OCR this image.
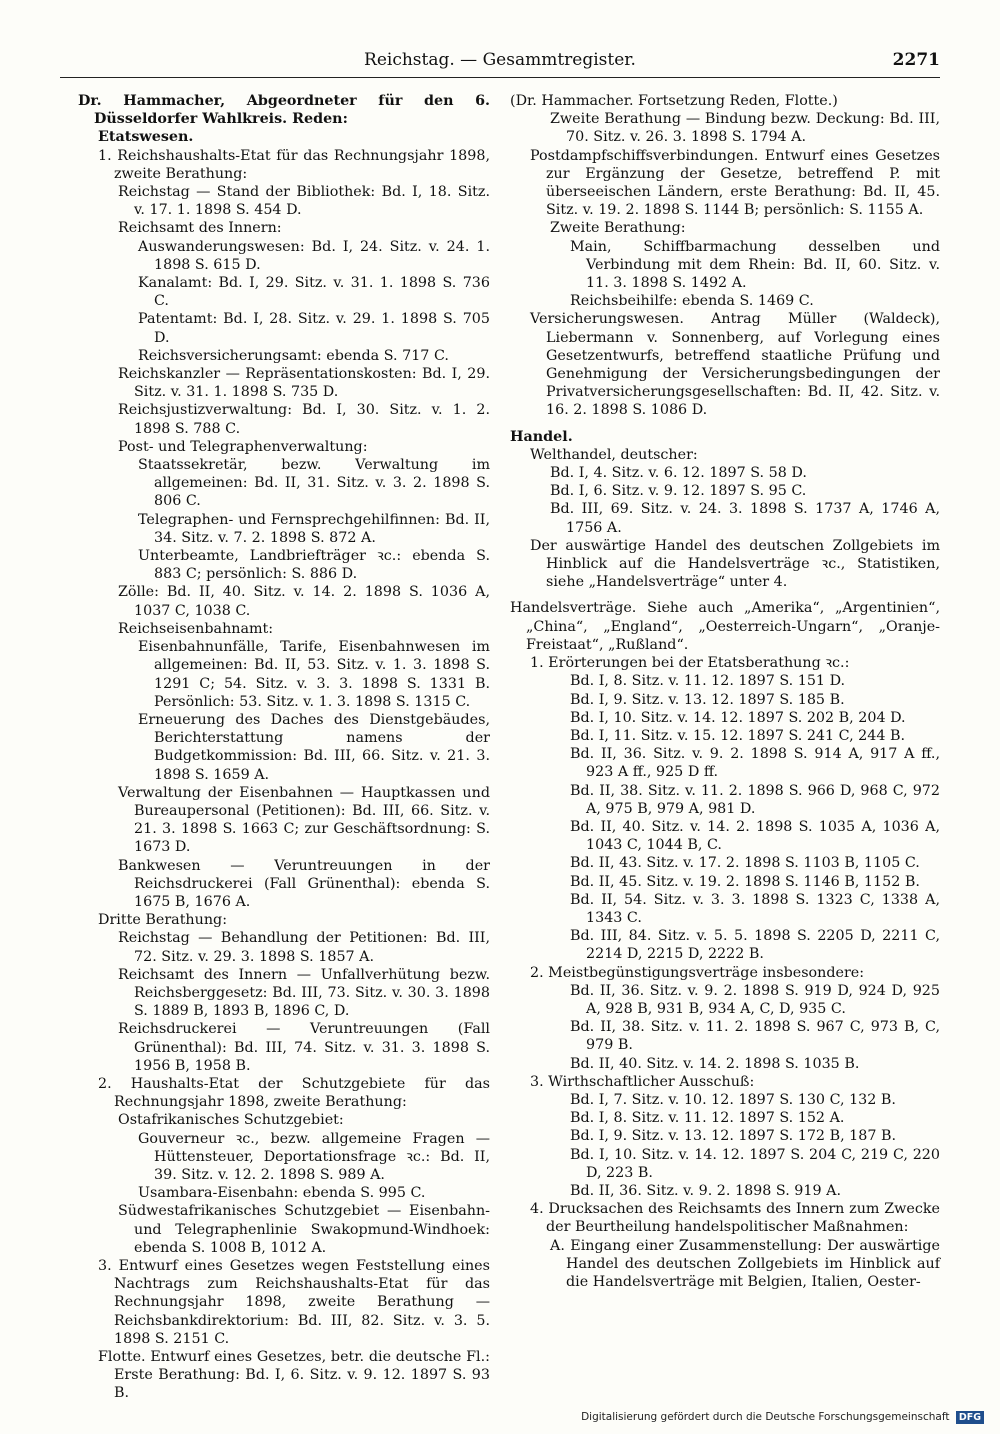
Reichstag. — Gesammtregister.	2271

Dr. Hammacher, Abgeordneter für den 6. Düsseldorfer Wahlkreis. Reden:

Etatswesen.

1. Reichshaushalts-Etat für das Rechnungsjahr 1898, zweite Berathung:

Reichstag — Stand der Bibliothek: Bd. I, 18. Sitz. v. 17. 1. 1898 S. 454 D.

Reichsamt des Innern:

Auswanderungswesen: Bd. I, 24. Sitz. v. 24. 1. 1898 S. 615 D.

Kanalamt: Bd. I, 29. Sitz. v. 31. 1. 1898 S. 736 C.

Patentamt: Bd. I, 28. Sitz. v. 29. 1. 1898 S. 705 D.

Reichsversicherungsamt: ebenda S. 717 C.

Reichskanzler — Repräsentationskosten: Bd. I, 29. Sitz. v. 31. 1. 1898 S. 735 D.

Reichsjustizverwaltung: Bd. I, 30. Sitz. v. 1. 2. 1898 S. 788 C.

Post- und Telegraphenverwaltung:

Staatssekretär, bezw. Verwaltung im allgemeinen: Bd. II, 31. Sitz. v. 3. 2. 1898 S. 806 C.

Telegraphen- und Fernsprechgehilfinnen: Bd. II, 34. Sitz. v. 7. 2. 1898 S. 872 A.

Unterbeamte, Landbriefträger ꝛc.: ebenda S. 883 C; persönlich: S. 886 D.

Zölle: Bd. II, 40. Sitz. v. 14. 2. 1898 S. 1036 A, 1037 C, 1038 C.

Reichseisenbahnamt:

Eisenbahnunfälle, Tarife, Eisenbahnwesen im allgemeinen: Bd. II, 53. Sitz. v. 1. 3. 1898 S. 1291 C; 54. Sitz. v. 3. 3. 1898 S. 1331 B. Persönlich: 53. Sitz. v. 1. 3. 1898 S. 1315 C.

Erneuerung des Daches des Dienstgebäudes, Berichterstattung namens der Budgetkommission: Bd. III, 66. Sitz. v. 21. 3. 1898 S. 1659 A.

Verwaltung der Eisenbahnen — Hauptkassen und Bureaupersonal (Petitionen): Bd. III, 66. Sitz. v. 21. 3. 1898 S. 1663 C; zur Geschäftsordnung: S. 1673 D.

Bankwesen — Veruntreuungen in der Reichsdruckerei (Fall Grünenthal): ebenda S. 1675 B, 1676 A.

Dritte Berathung:

Reichstag — Behandlung der Petitionen: Bd. III, 72. Sitz. v. 29. 3. 1898 S. 1857 A.

Reichsamt des Innern — Unfallverhütung bezw. Reichsberggesetz: Bd. III, 73. Sitz. v. 30. 3. 1898 S. 1889 B, 1893 B, 1896 C, D.

Reichsdruckerei — Veruntreuungen (Fall Grünenthal): Bd. III, 74. Sitz. v. 31. 3. 1898 S. 1956 B, 1958 B.

2. Haushalts-Etat der Schutzgebiete für das Rechnungsjahr 1898, zweite Berathung:

Ostafrikanisches Schutzgebiet:

Gouverneur ꝛc., bezw. allgemeine Fragen — Hüttensteuer, Deportationsfrage ꝛc.: Bd. II, 39. Sitz. v. 12. 2. 1898 S. 989 A.

Usambara-Eisenbahn: ebenda S. 995 C.

Südwestafrikanisches Schutzgebiet — Eisenbahn- und Telegraphenlinie Swakopmund-Windhoek: ebenda S. 1008 B, 1012 A.

3. Entwurf eines Gesetzes wegen Feststellung eines Nachtrags zum Reichshaushalts-Etat für das Rechnungsjahr 1898, zweite Berathung — Reichsbankdirektorium: Bd. III, 82. Sitz. v. 3. 5. 1898 S. 2151 C.

Flotte. Entwurf eines Gesetzes, betr. die deutsche Fl.: Erste Berathung: Bd. I, 6. Sitz. v. 9. 12. 1897 S. 93 B.

(Dr. Hammacher. Fortsetzung Reden, Flotte.)

Zweite Berathung — Bindung bezw. Deckung: Bd. III, 70. Sitz. v. 26. 3. 1898 S. 1794 A.

Postdampfschiffsverbindungen. Entwurf eines Gesetzes zur Ergänzung der Gesetze, betreffend P. mit überseeischen Ländern, erste Berathung: Bd. II, 45. Sitz. v. 19. 2. 1898 S. 1144 B; persönlich: S. 1155 A.

Zweite Berathung:

Main, Schiffbarmachung desselben und Verbindung mit dem Rhein: Bd. II, 60. Sitz. v. 11. 3. 1898 S. 1492 A.

Reichsbeihilfe: ebenda S. 1469 C.

Versicherungswesen. Antrag Müller (Waldeck), Liebermann v. Sonnenberg, auf Vorlegung eines Gesetzentwurfs, betreffend staatliche Prüfung und Genehmigung der Versicherungsbedingungen der Privatversicherungsgesellschaften: Bd. II, 42. Sitz. v. 16. 2. 1898 S. 1086 D.

Handel.

Welthandel, deutscher:

Bd. I, 4. Sitz. v. 6. 12. 1897 S. 58 D.

Bd. I, 6. Sitz. v. 9. 12. 1897 S. 95 C.

Bd. III, 69. Sitz. v. 24. 3. 1898 S. 1737 A, 1746 A, 1756 A.

Der auswärtige Handel des deutschen Zollgebiets im Hinblick auf die Handelsverträge ꝛc., Statistiken, siehe „Handelsverträge“ unter 4.

Handelsverträge. Siehe auch „Amerika“, „Argentinien“, „China“, „England“, „Oesterreich-Ungarn“, „Oranje-Freistaat“, „Rußland“.

1. Erörterungen bei der Etatsberathung ꝛc.:

Bd. I, 8. Sitz. v. 11. 12. 1897 S. 151 D.

Bd. I, 9. Sitz. v. 13. 12. 1897 S. 185 B.

Bd. I, 10. Sitz. v. 14. 12. 1897 S. 202 B, 204 D.

Bd. I, 11. Sitz. v. 15. 12. 1897 S. 241 C, 244 B.

Bd. II, 36. Sitz. v. 9. 2. 1898 S. 914 A, 917 A ff., 923 A ff., 925 D ff.

Bd. II, 38. Sitz. v. 11. 2. 1898 S. 966 D, 968 C, 972 A, 975 B, 979 A, 981 D.

Bd. II, 40. Sitz. v. 14. 2. 1898 S. 1035 A, 1036 A, 1043 C, 1044 B, C.

Bd. II, 43. Sitz. v. 17. 2. 1898 S. 1103 B, 1105 C.

Bd. II, 45. Sitz. v. 19. 2. 1898 S. 1146 B, 1152 B.

Bd. II, 54. Sitz. v. 3. 3. 1898 S. 1323 C, 1338 A, 1343 C.

Bd. III, 84. Sitz. v. 5. 5. 1898 S. 2205 D, 2211 C, 2214 D, 2215 D, 2222 B.

2. Meistbegünstigungsverträge insbesondere:

Bd. II, 36. Sitz. v. 9. 2. 1898 S. 919 D, 924 D, 925 A, 928 B, 931 B, 934 A, C, D, 935 C.

Bd. II, 38. Sitz. v. 11. 2. 1898 S. 967 C, 973 B, C, 979 B.

Bd. II, 40. Sitz. v. 14. 2. 1898 S. 1035 B.

3. Wirthschaftlicher Ausschuß:

Bd. I, 7. Sitz. v. 10. 12. 1897 S. 130 C, 132 B.

Bd. I, 8. Sitz. v. 11. 12. 1897 S. 152 A.

Bd. I, 9. Sitz. v. 13. 12. 1897 S. 172 B, 187 B.

Bd. I, 10. Sitz. v. 14. 12. 1897 S. 204 C, 219 C, 220 D, 223 B.

Bd. II, 36. Sitz. v. 9. 2. 1898 S. 919 A.

4. Drucksachen des Reichsamts des Innern zum Zwecke der Beurtheilung handelspolitischer Maßnahmen:

A. Eingang einer Zusammenstellung: Der auswärtige Handel des deutschen Zollgebiets im Hinblick auf die Handelsverträge mit Belgien, Italien, Oester-

Digitalisierung gefördert durch die Deutsche Forschungsgemeinschaft DFG
